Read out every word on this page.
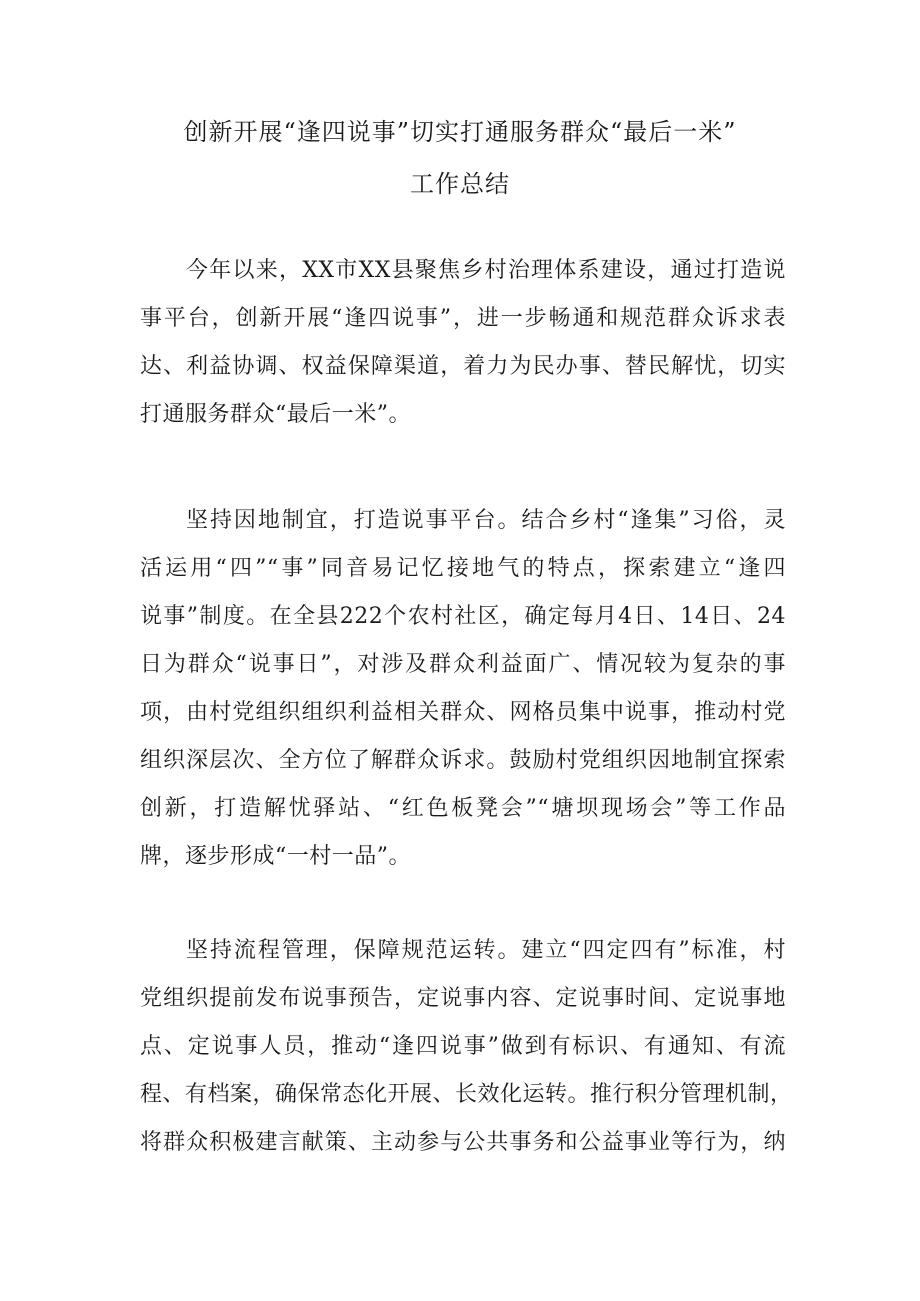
创新开展“逢四说事”切实打通服务群众“最后一米”
工作总结
今年以来，XX市XX县聚焦乡村治理体系建设，通过打造说
事平台，创新开展“逢四说事”，进一步畅通和规范群众诉求表
达、利益协调、权益保障渠道，着力为民办事、替民解忧，切实
打通服务群众“最后一米”。
坚持因地制宜，打造说事平台。结合乡村“逢集”习俗，灵
活运用“四”“事”同音易记忆接地气的特点，探索建立“逢四
说事”制度。在全县222个农村社区，确定每月4日、14日、24
日为群众“说事日”，对涉及群众利益面广、情况较为复杂的事
项，由村党组织组织利益相关群众、网格员集中说事，推动村党
组织深层次、全方位了解群众诉求。鼓励村党组织因地制宜探索
创新，打造解忧驿站、“红色板凳会”“塘坝现场会”等工作品
牌，逐步形成“一村一品”。
坚持流程管理，保障规范运转。建立“四定四有”标准，村
党组织提前发布说事预告，定说事内容、定说事时间、定说事地
点、定说事人员，推动“逢四说事”做到有标识、有通知、有流
程、有档案，确保常态化开展、长效化运转。推行积分管理机制，
将群众积极建言献策、主动参与公共事务和公益事业等行为，纳
